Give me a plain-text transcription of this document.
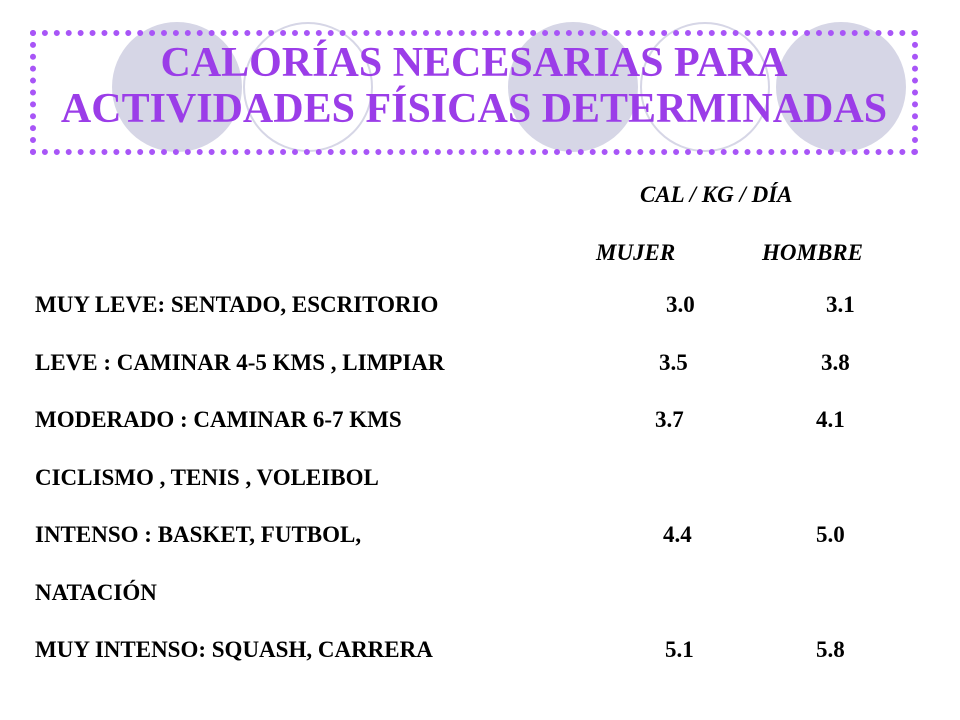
CALORÍAS NECESARIAS PARA
ACTIVIDADES FÍSICAS DETERMINADAS
CAL / KG / DÍA
MUJER	HOMBRE
MUY LEVE: SENTADO, ESCRITORIO	3.0	3.1
LEVE : CAMINAR 4-5 KMS , LIMPIAR	3.5	3.8
MODERADO : CAMINAR 6-7 KMS	3.7	4.1
CICLISMO , TENIS , VOLEIBOL
INTENSO : BASKET, FUTBOL,	4.4	5.0
NATACIÓN
MUY INTENSO: SQUASH, CARRERA	5.1	5.8
